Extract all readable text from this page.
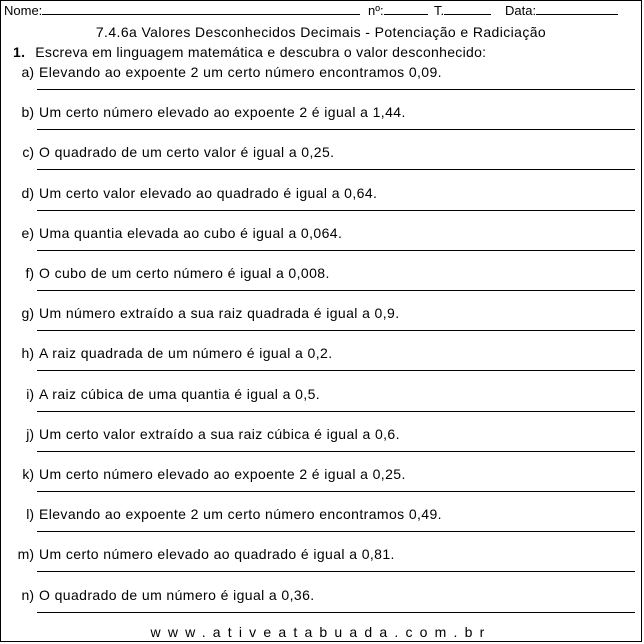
Nome:	nº:	T.	Data:
7.4.6a Valores Desconhecidos Decimais - Potenciação e Radiciação
1. Escreva em linguagem matemática e descubra o valor desconhecido:
a) Elevando ao expoente 2 um certo número encontramos 0,09.
b) Um certo número elevado ao expoente 2 é igual a 1,44.
c) O quadrado de um certo valor é igual a 0,25.
d) Um certo valor elevado ao quadrado é igual a 0,64.
e) Uma quantia elevada ao cubo é igual a 0,064.
f) O cubo de um certo número é igual a 0,008.
g) Um número extraído a sua raiz quadrada é igual a 0,9.
h) A raiz quadrada de um número é igual a 0,2.
i) A raiz cúbica de uma quantia é igual a 0,5.
j) Um certo valor extraído a sua raiz cúbica é igual a 0,6.
k) Um certo número elevado ao expoente 2 é igual a 0,25.
l) Elevando ao expoente 2 um certo número encontramos 0,49.
m) Um certo número elevado ao quadrado é igual a 0,81.
n) O quadrado de um número é igual a 0,36.
www.ativeatabuada.com.br
